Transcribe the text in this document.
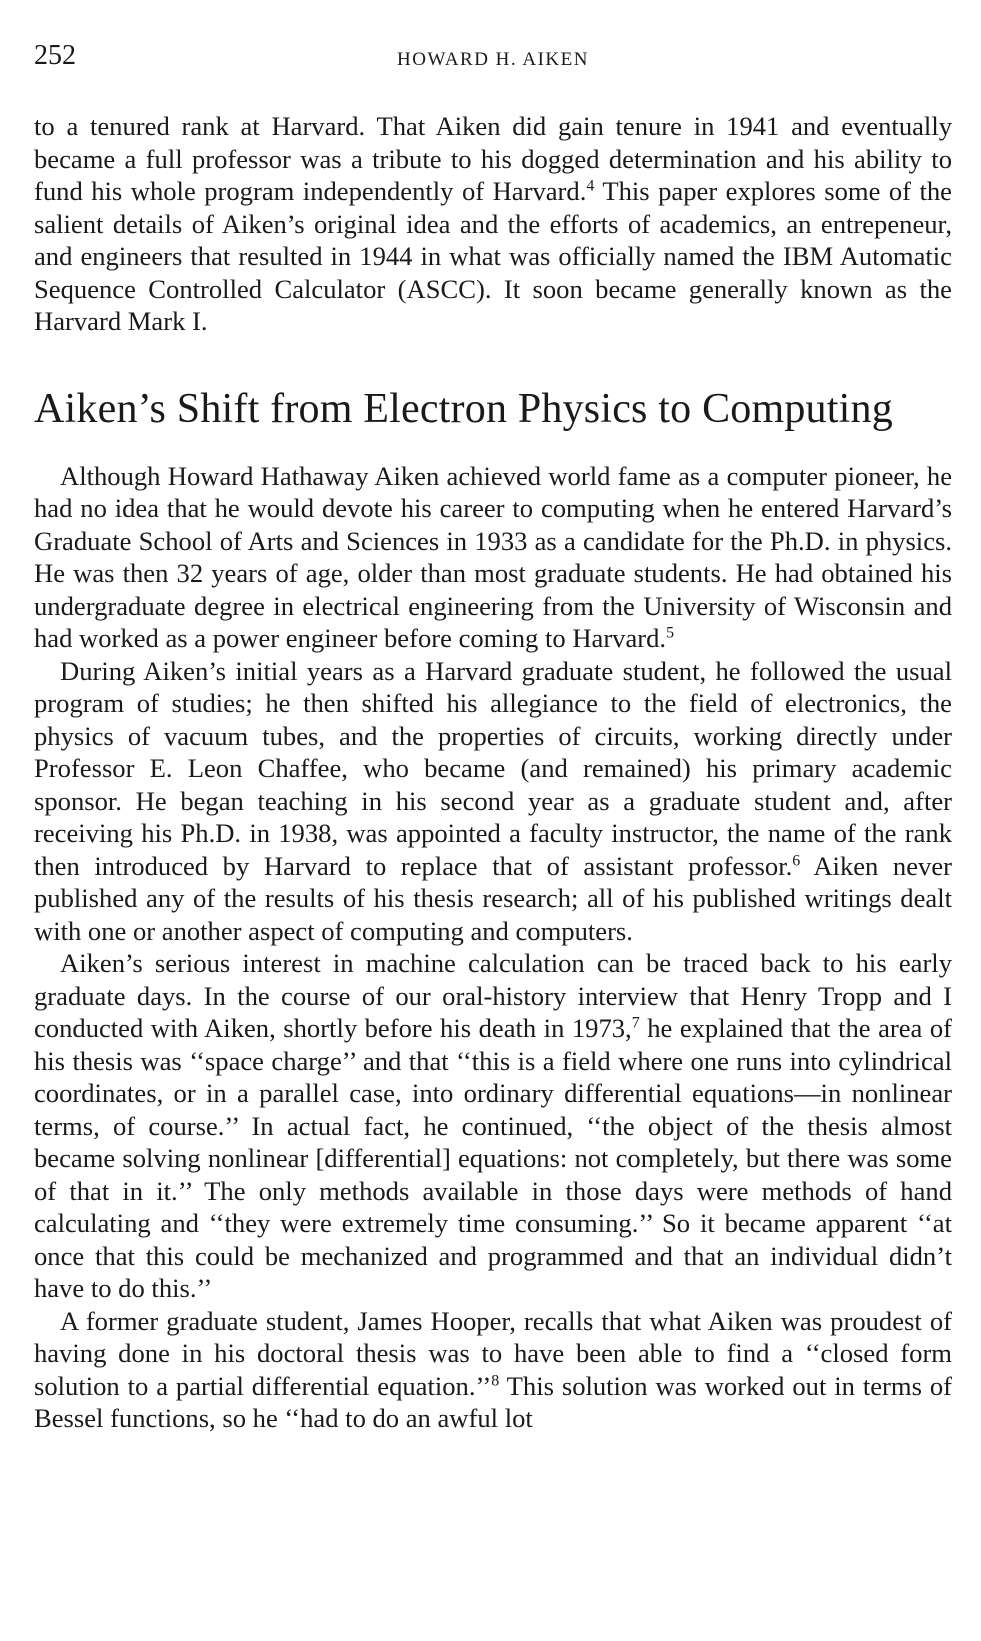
252	HOWARD H. AIKEN

to a tenured rank at Harvard. That Aiken did gain tenure in 1941 and eventually became a full professor was a tribute to his dogged determination and his ability to fund his whole program independently of Harvard.$^4$ This paper explores some of the salient details of Aiken’s original idea and the efforts of academics, an entrepeneur, and engineers that resulted in 1944 in what was officially named the IBM Automatic Sequence Controlled Calculator (ASCC). It soon became generally known as the Harvard Mark I.

Aiken’s Shift from Electron Physics to Computing

Although Howard Hathaway Aiken achieved world fame as a computer pioneer, he had no idea that he would devote his career to computing when he entered Harvard’s Graduate School of Arts and Sciences in 1933 as a candidate for the Ph.D. in physics. He was then 32 years of age, older than most graduate students. He had obtained his undergraduate degree in electrical engineering from the University of Wisconsin and had worked as a power engineer before coming to Harvard.$^5$

During Aiken’s initial years as a Harvard graduate student, he followed the usual program of studies; he then shifted his allegiance to the field of electronics, the physics of vacuum tubes, and the properties of circuits, working directly under Professor E. Leon Chaffee, who became (and remained) his primary academic sponsor. He began teaching in his second year as a graduate student and, after receiving his Ph.D. in 1938, was appointed a faculty instructor, the name of the rank then introduced by Harvard to replace that of assistant professor.$^6$ Aiken never published any of the results of his thesis research; all of his published writings dealt with one or another aspect of computing and computers.

Aiken’s serious interest in machine calculation can be traced back to his early graduate days. In the course of our oral-history interview that Henry Tropp and I conducted with Aiken, shortly before his death in 1973,$^7$ he explained that the area of his thesis was ‘‘space charge’’ and that ‘‘this is a field where one runs into cylindrical coordinates, or in a parallel case, into ordinary differential equations—in nonlinear terms, of course.’’ In actual fact, he continued, ‘‘the object of the thesis almost became solving nonlinear [differential] equations: not completely, but there was some of that in it.’’ The only methods available in those days were methods of hand calculating and ‘‘they were extremely time consuming.’’ So it became apparent ‘‘at once that this could be mechanized and programmed and that an individual didn’t have to do this.’’

A former graduate student, James Hooper, recalls that what Aiken was proudest of having done in his doctoral thesis was to have been able to find a ‘‘closed form solution to a partial differential equation.’’$^8$ This solution was worked out in terms of Bessel functions, so he ‘‘had to do an awful lot
